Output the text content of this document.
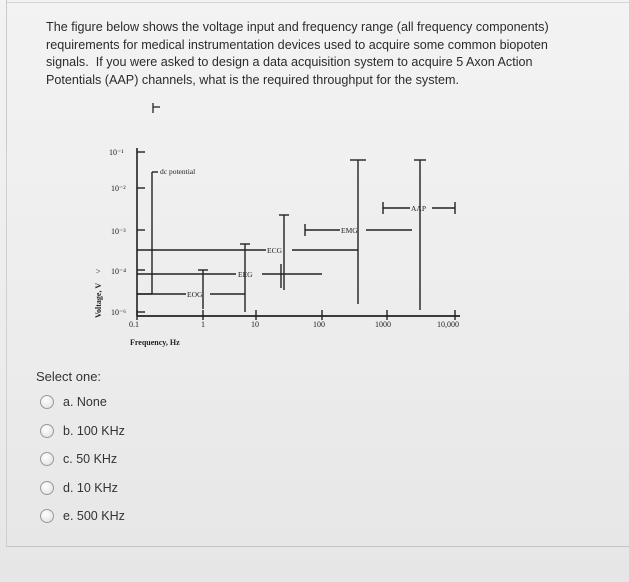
The figure below shows the voltage input and frequency range (all frequency components)
requirements for medical instrumentation devices used to acquire some common biopoten
signals.  If you were asked to design a data acquisition system to acquire 5 Axon Action
Potentials (AAP) channels, what is the required throughput for the system.
10⁻¹
10⁻²
10⁻³
10⁻⁴
10⁻⁶
>
Voltage, V
0.1	1	10	100	1000	10,000
Frequency, Hz
dc potential
EOG
EEG
ECG
EMG
AAP
Select one:
a. None
b. 100 KHz
c. 50 KHz
d. 10 KHz
e. 500 KHz
